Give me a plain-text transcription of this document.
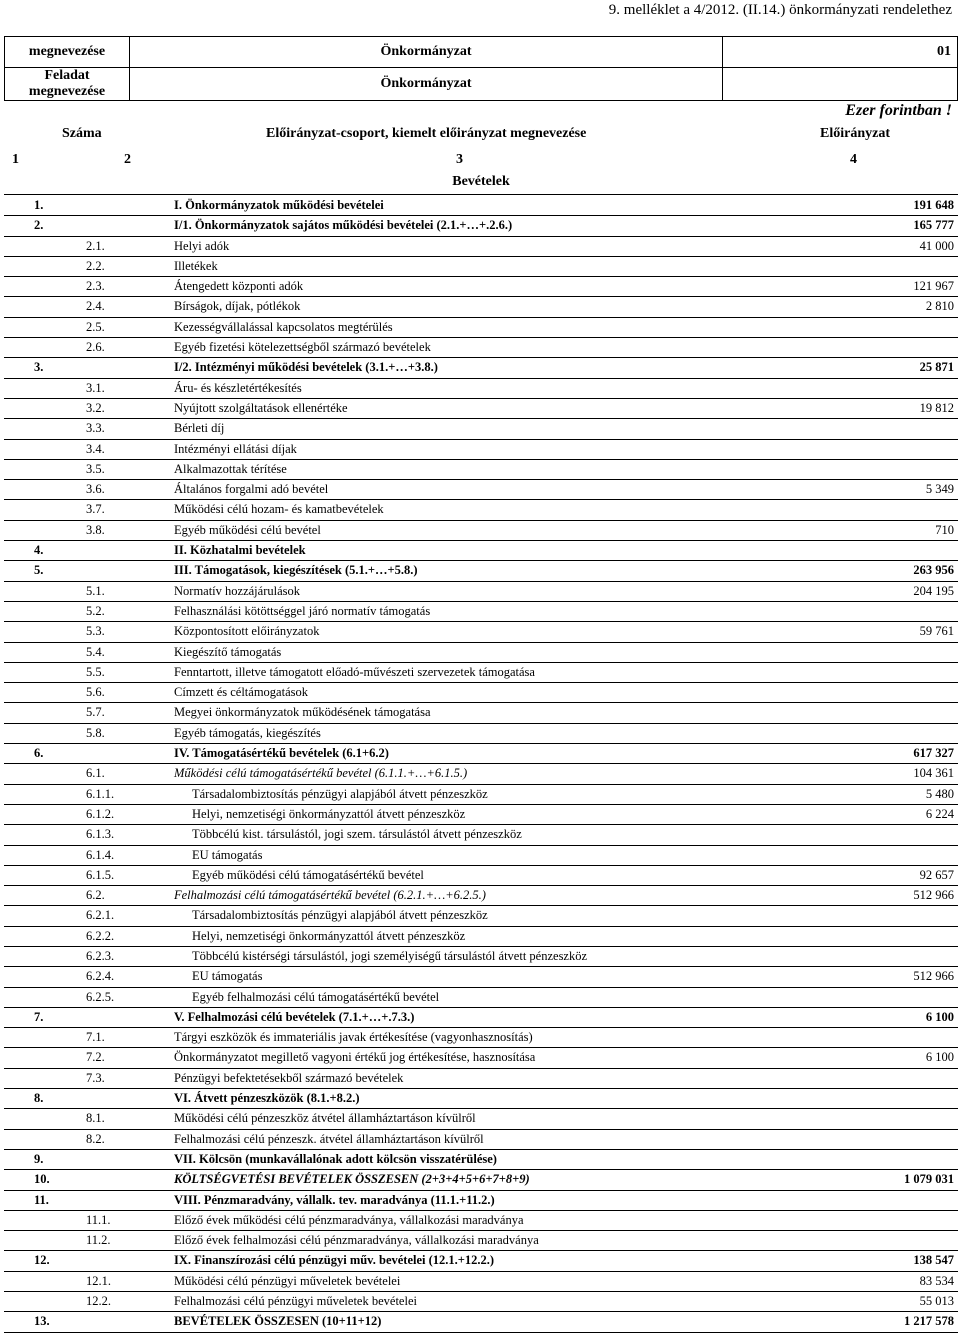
9. melléklet a 4/2012. (II.14.) önkormányzati rendelethez
megnevezése	Önkormányzat	01
Feladat megnevezése	Önkormányzat	
Ezer forintban !
Száma	Előirányzat-csoport, kiemelt előirányzat megnevezése	Előirányzat
1	2	3	4
Bevételek
1.	I. Önkormányzatok működési bevételei	191 648
2.	I/1. Önkormányzatok sajátos működési bevételei (2.1.+…+.2.6.)	165 777
2.1.	Helyi adók	41 000
2.2.	Illetékek
2.3.	Átengedett központi adók	121 967
2.4.	Bírságok, díjak, pótlékok	2 810
2.5.	Kezességvállalással kapcsolatos megtérülés
2.6.	Egyéb fizetési kötelezettségből származó bevételek
3.	I/2. Intézményi működési bevételek (3.1.+…+3.8.)	25 871
3.1.	Áru- és készletértékesítés
3.2.	Nyújtott szolgáltatások ellenértéke	19 812
3.3.	Bérleti díj
3.4.	Intézményi ellátási díjak
3.5.	Alkalmazottak térítése
3.6.	Általános forgalmi adó bevétel	5 349
3.7.	Működési célú hozam- és kamatbevételek
3.8.	Egyéb működési célú bevétel	710
4.	II. Közhatalmi bevételek
5.	III. Támogatások, kiegészítések (5.1.+…+5.8.)	263 956
5.1.	Normatív hozzájárulások	204 195
5.2.	Felhasználási kötöttséggel járó normatív támogatás
5.3.	Központosított előirányzatok	59 761
5.4.	Kiegészítő támogatás
5.5.	Fenntartott, illetve támogatott előadó-művészeti szervezetek támogatása
5.6.	Címzett és céltámogatások
5.7.	Megyei önkormányzatok működésének támogatása
5.8.	Egyéb támogatás, kiegészítés
6.	IV. Támogatásértékű bevételek (6.1+6.2)	617 327
6.1.	Működési célú támogatásértékű bevétel (6.1.1.+…+6.1.5.)	104 361
6.1.1.	Társadalombiztosítás pénzügyi alapjából átvett pénzeszköz	5 480
6.1.2.	Helyi, nemzetiségi önkormányzattól átvett pénzeszköz	6 224
6.1.3.	Többcélú kist. társulástól, jogi szem. társulástól átvett pénzeszköz
6.1.4.	EU támogatás
6.1.5.	Egyéb működési célú támogatásértékű bevétel	92 657
6.2.	Felhalmozási célú támogatásértékű bevétel (6.2.1.+…+6.2.5.)	512 966
6.2.1.	Társadalombiztosítás pénzügyi alapjából átvett pénzeszköz
6.2.2.	Helyi, nemzetiségi önkormányzattól átvett pénzeszköz
6.2.3.	Többcélú kistérségi társulástól, jogi személyiségű társulástól átvett pénzeszköz
6.2.4.	EU támogatás	512 966
6.2.5.	Egyéb felhalmozási célú támogatásértékű bevétel
7.	V. Felhalmozási célú bevételek (7.1.+…+.7.3.)	6 100
7.1.	Tárgyi eszközök és immateriális javak értékesítése (vagyonhasznosítás)
7.2.	Önkormányzatot megillető vagyoni értékű jog értékesítése, hasznosítása	6 100
7.3.	Pénzügyi befektetésekből származó bevételek
8.	VI. Átvett pénzeszközök (8.1.+8.2.)
8.1.	Működési célú pénzeszköz átvétel államháztartáson kívülről
8.2.	Felhalmozási célú pénzeszk. átvétel államháztartáson kívülről
9.	VII. Kölcsön (munkavállalónak adott kölcsön visszatérülése)
10.	KÖLTSÉGVETÉSI BEVÉTELEK ÖSSZESEN (2+3+4+5+6+7+8+9)	1 079 031
11.	VIII. Pénzmaradvány, vállalk. tev. maradványa (11.1.+11.2.)
11.1.	Előző évek működési célú pénzmaradványa, vállalkozási maradványa
11.2.	Előző évek felhalmozási célú pénzmaradványa, vállalkozási maradványa
12.	IX. Finanszírozási célú pénzügyi műv. bevételei (12.1.+12.2.)	138 547
12.1.	Működési célú pénzügyi műveletek bevételei	83 534
12.2.	Felhalmozási célú pénzügyi műveletek bevételei	55 013
13.	BEVÉTELEK ÖSSZESEN (10+11+12)	1 217 578
